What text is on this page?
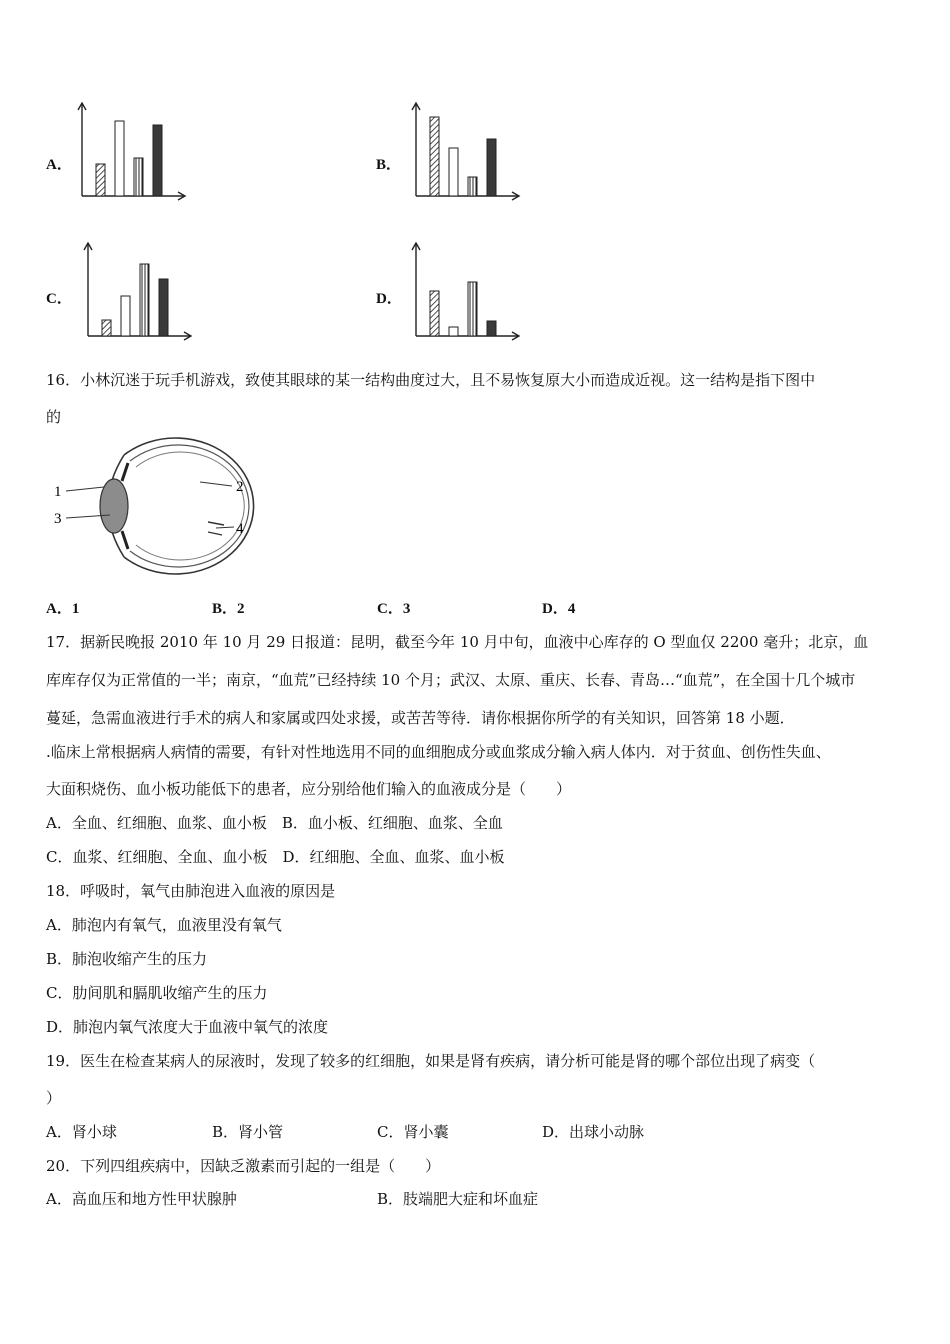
A．	B．
C．	D．
16．小林沉迷于玩手机游戏，致使其眼球的某一结构曲度过大，且不易恢复原大小而造成近视。这一结构是指下图中
的
1	2
3
4
A．1	B．2	C．3	D．4
17．据新民晚报 2010 年 10 月 29 日报道：昆明，截至今年 10 月中旬，血液中心库存的 O 型血仅 2200 毫升；北京，血
库库存仅为正常值的一半；南京，“血荒”已经持续 10 个月；武汉、太原、重庆、长春、青岛…“血荒”，在全国十几个城市
蔓延，急需血液进行手术的病人和家属或四处求援，或苦苦等待．请你根据你所学的有关知识，回答第 18 小题．
.临床上常根据病人病情的需要，有针对性地选用不同的血细胞成分或血浆成分输入病人体内．对于贫血、创伤性失血、
大面积烧伤、血小板功能低下的患者，应分别给他们输入的血液成分是（　　）
A．全血、红细胞、血浆、血小板　B．血小板、红细胞、血浆、全血
C．血浆、红细胞、全血、血小板　D．红细胞、全血、血浆、血小板
18．呼吸时，氧气由肺泡进入血液的原因是
A．肺泡内有氧气，血液里没有氧气
B．肺泡收缩产生的压力
C．肋间肌和膈肌收缩产生的压力
D．肺泡内氧气浓度大于血液中氧气的浓度
19．医生在检查某病人的尿液时，发现了较多的红细胞，如果是肾有疾病，请分析可能是肾的哪个部位出现了病变（
）
A．肾小球	B．肾小管	C．肾小囊	D．出球小动脉
20．下列四组疾病中，因缺乏激素而引起的一组是（　　）
A．高血压和地方性甲状腺肿	B．肢端肥大症和坏血症
